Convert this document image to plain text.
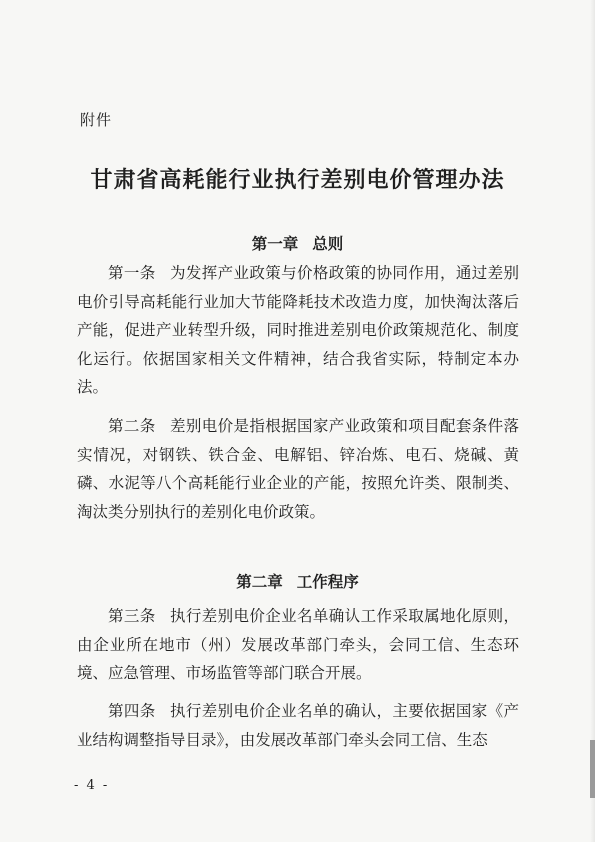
附件
甘肃省高耗能行业执行差别电价管理办法
第一章 总则
第一条 为发挥产业政策与价格政策的协同作用，通过差别电价引导高耗能行业加大节能降耗技术改造力度，加快淘汰落后产能，促进产业转型升级，同时推进差别电价政策规范化、制度化运行。依据国家相关文件精神，结合我省实际，特制定本办法。
第二条 差别电价是指根据国家产业政策和项目配套条件落实情况，对钢铁、铁合金、电解铝、锌冶炼、电石、烧碱、黄磷、水泥等八个高耗能行业企业的产能，按照允许类、限制类、淘汰类分别执行的差别化电价政策。
第二章 工作程序
第三条 执行差别电价企业名单确认工作采取属地化原则，由企业所在地市（州）发展改革部门牵头，会同工信、生态环境、应急管理、市场监管等部门联合开展。
第四条 执行差别电价企业名单的确认，主要依据国家《产业结构调整指导目录》，由发展改革部门牵头会同工信、生态
- 4 -
